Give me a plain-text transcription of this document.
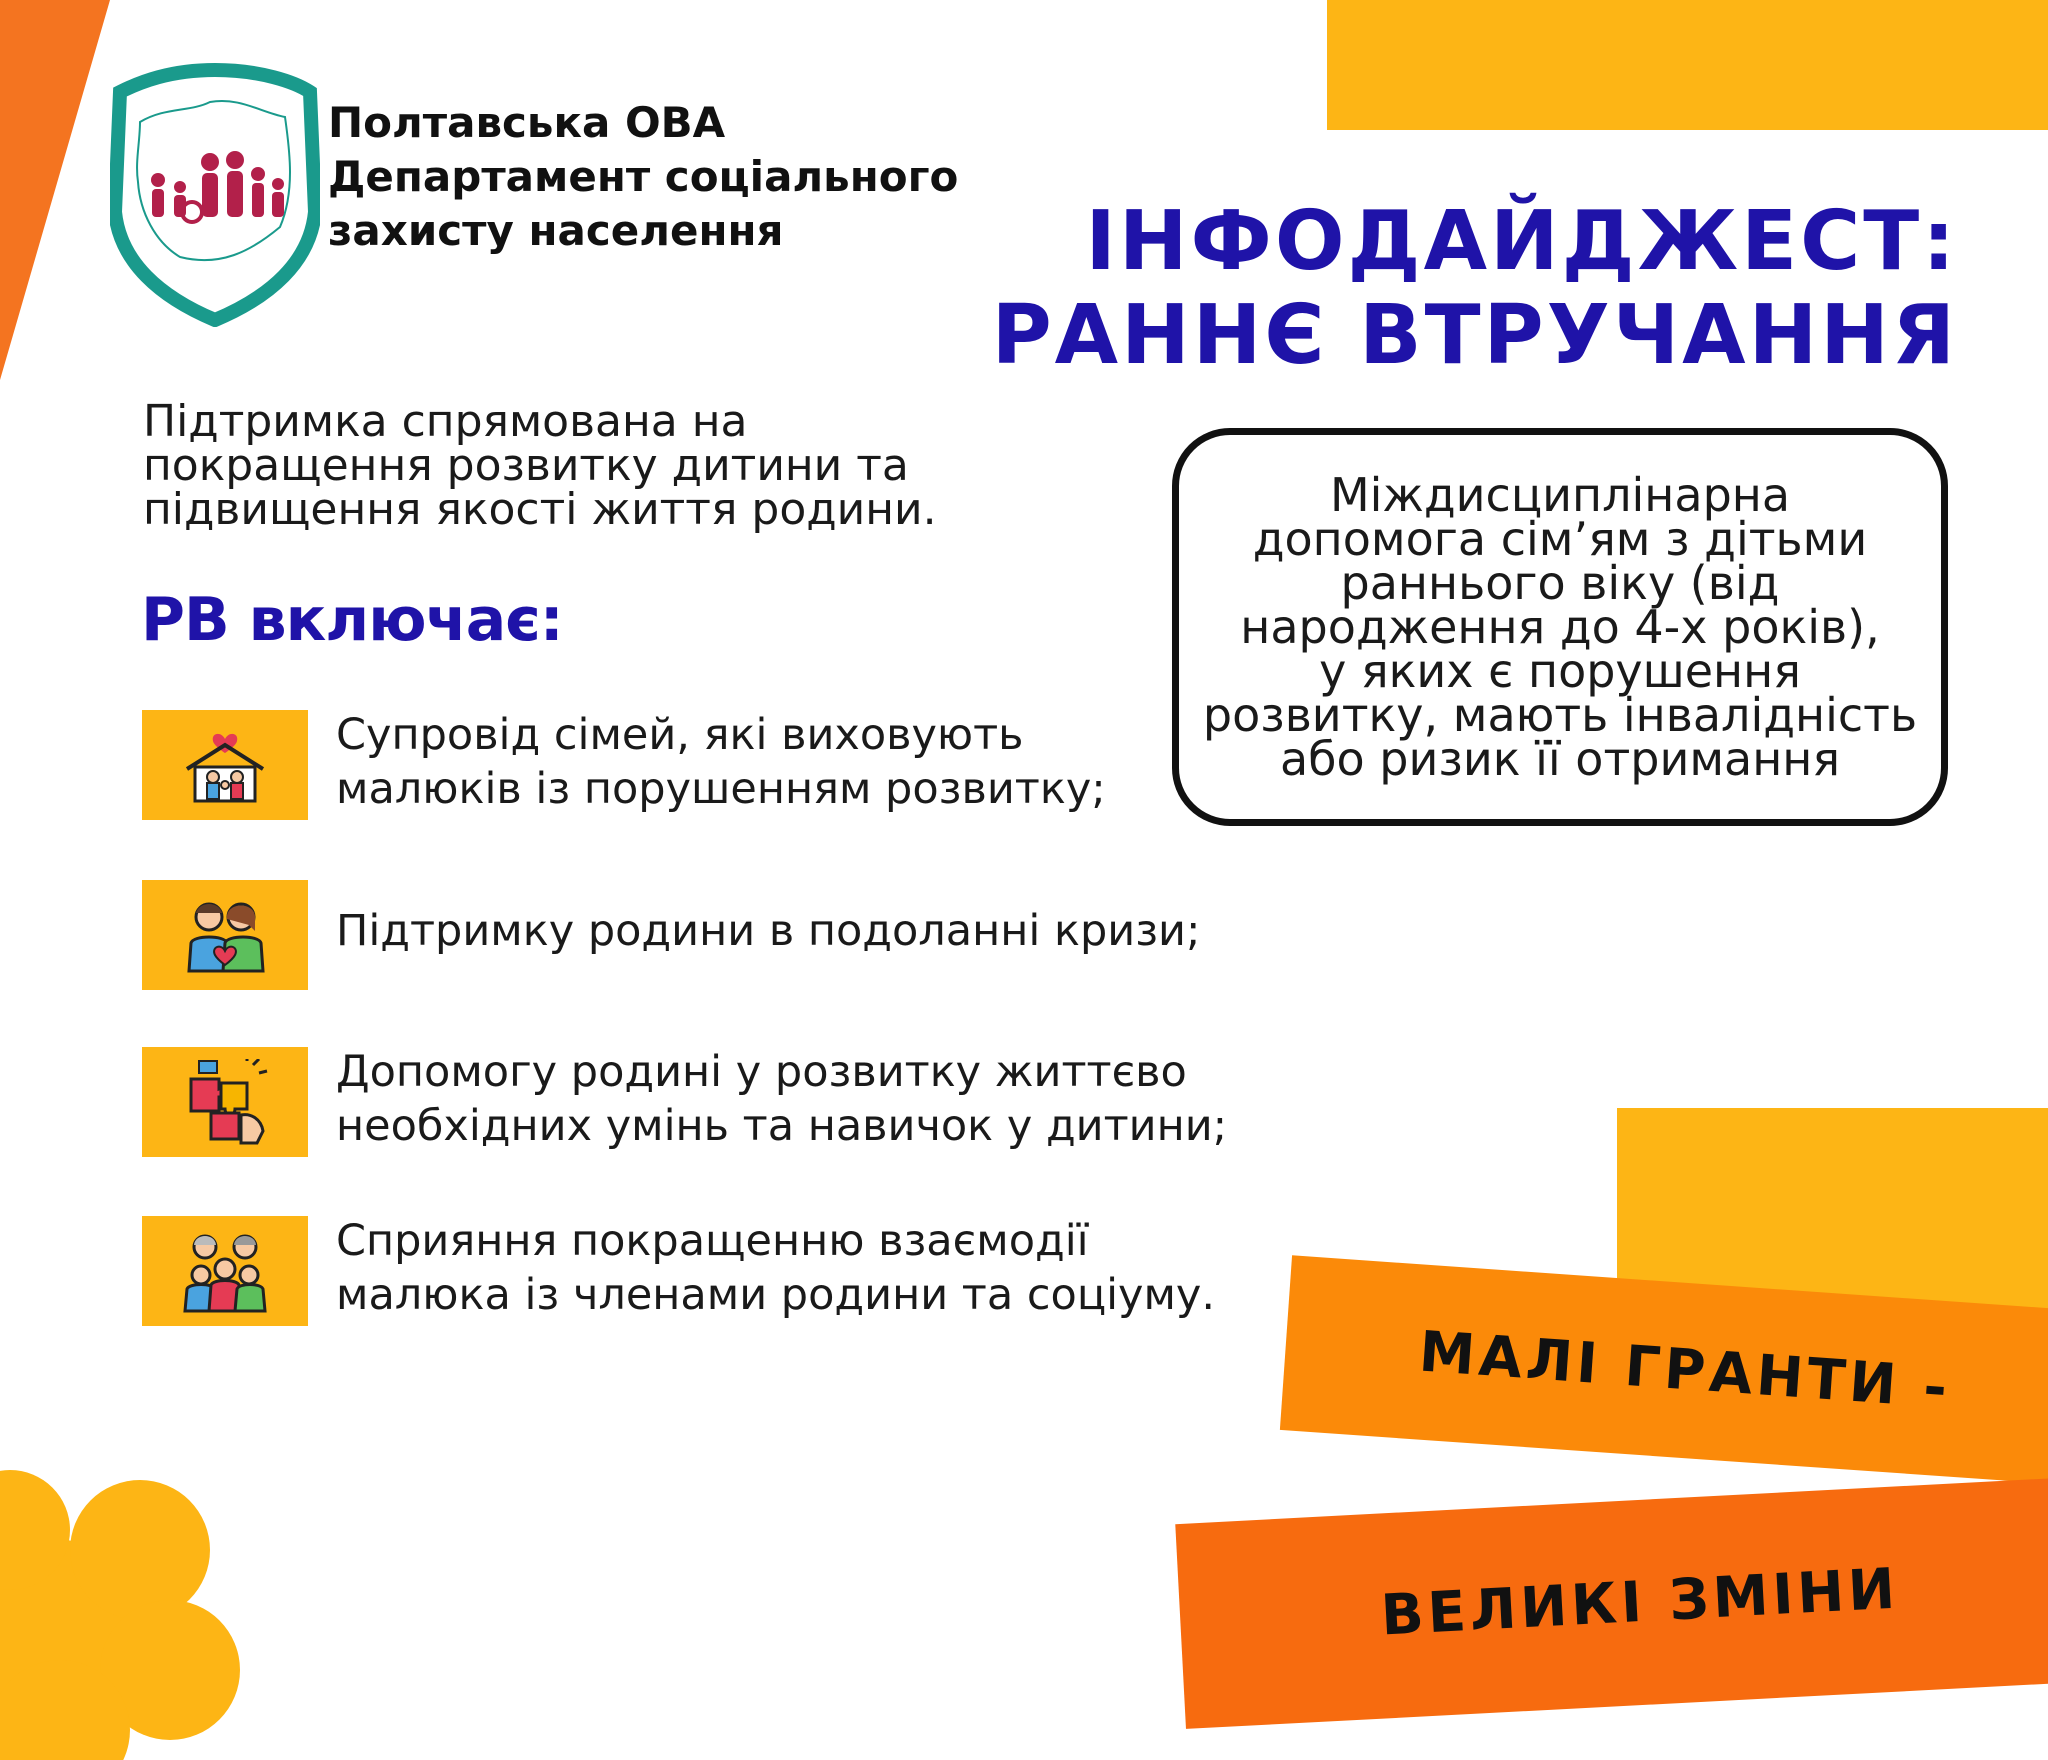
Полтавська ОВА
Департамент соціального
захисту населення	ІНФОДАЙДЖЕСТ:
РАННЄ ВТРУЧАННЯ
Підтримка спрямована на
покращення розвитку дитини та
підвищення якості життя родини.
РВ включає:
Міждисциплінарна
допомога сім’ям з дітьми
раннього віку (від
народження до 4-х років),
у яких є порушення
розвитку, мають інвалідність
або ризик її отримання
Супровід сімей, які виховують
малюків із порушенням розвитку;
Підтримку родини в подоланні кризи;
Допомогу родині у розвитку життєво
необхідних умінь та навичок у дитини;
Сприяння покращенню взаємодії
малюка із членами родини та соціуму.
МАЛІ ГРАНТИ -
ВЕЛИКІ ЗМІНИ
